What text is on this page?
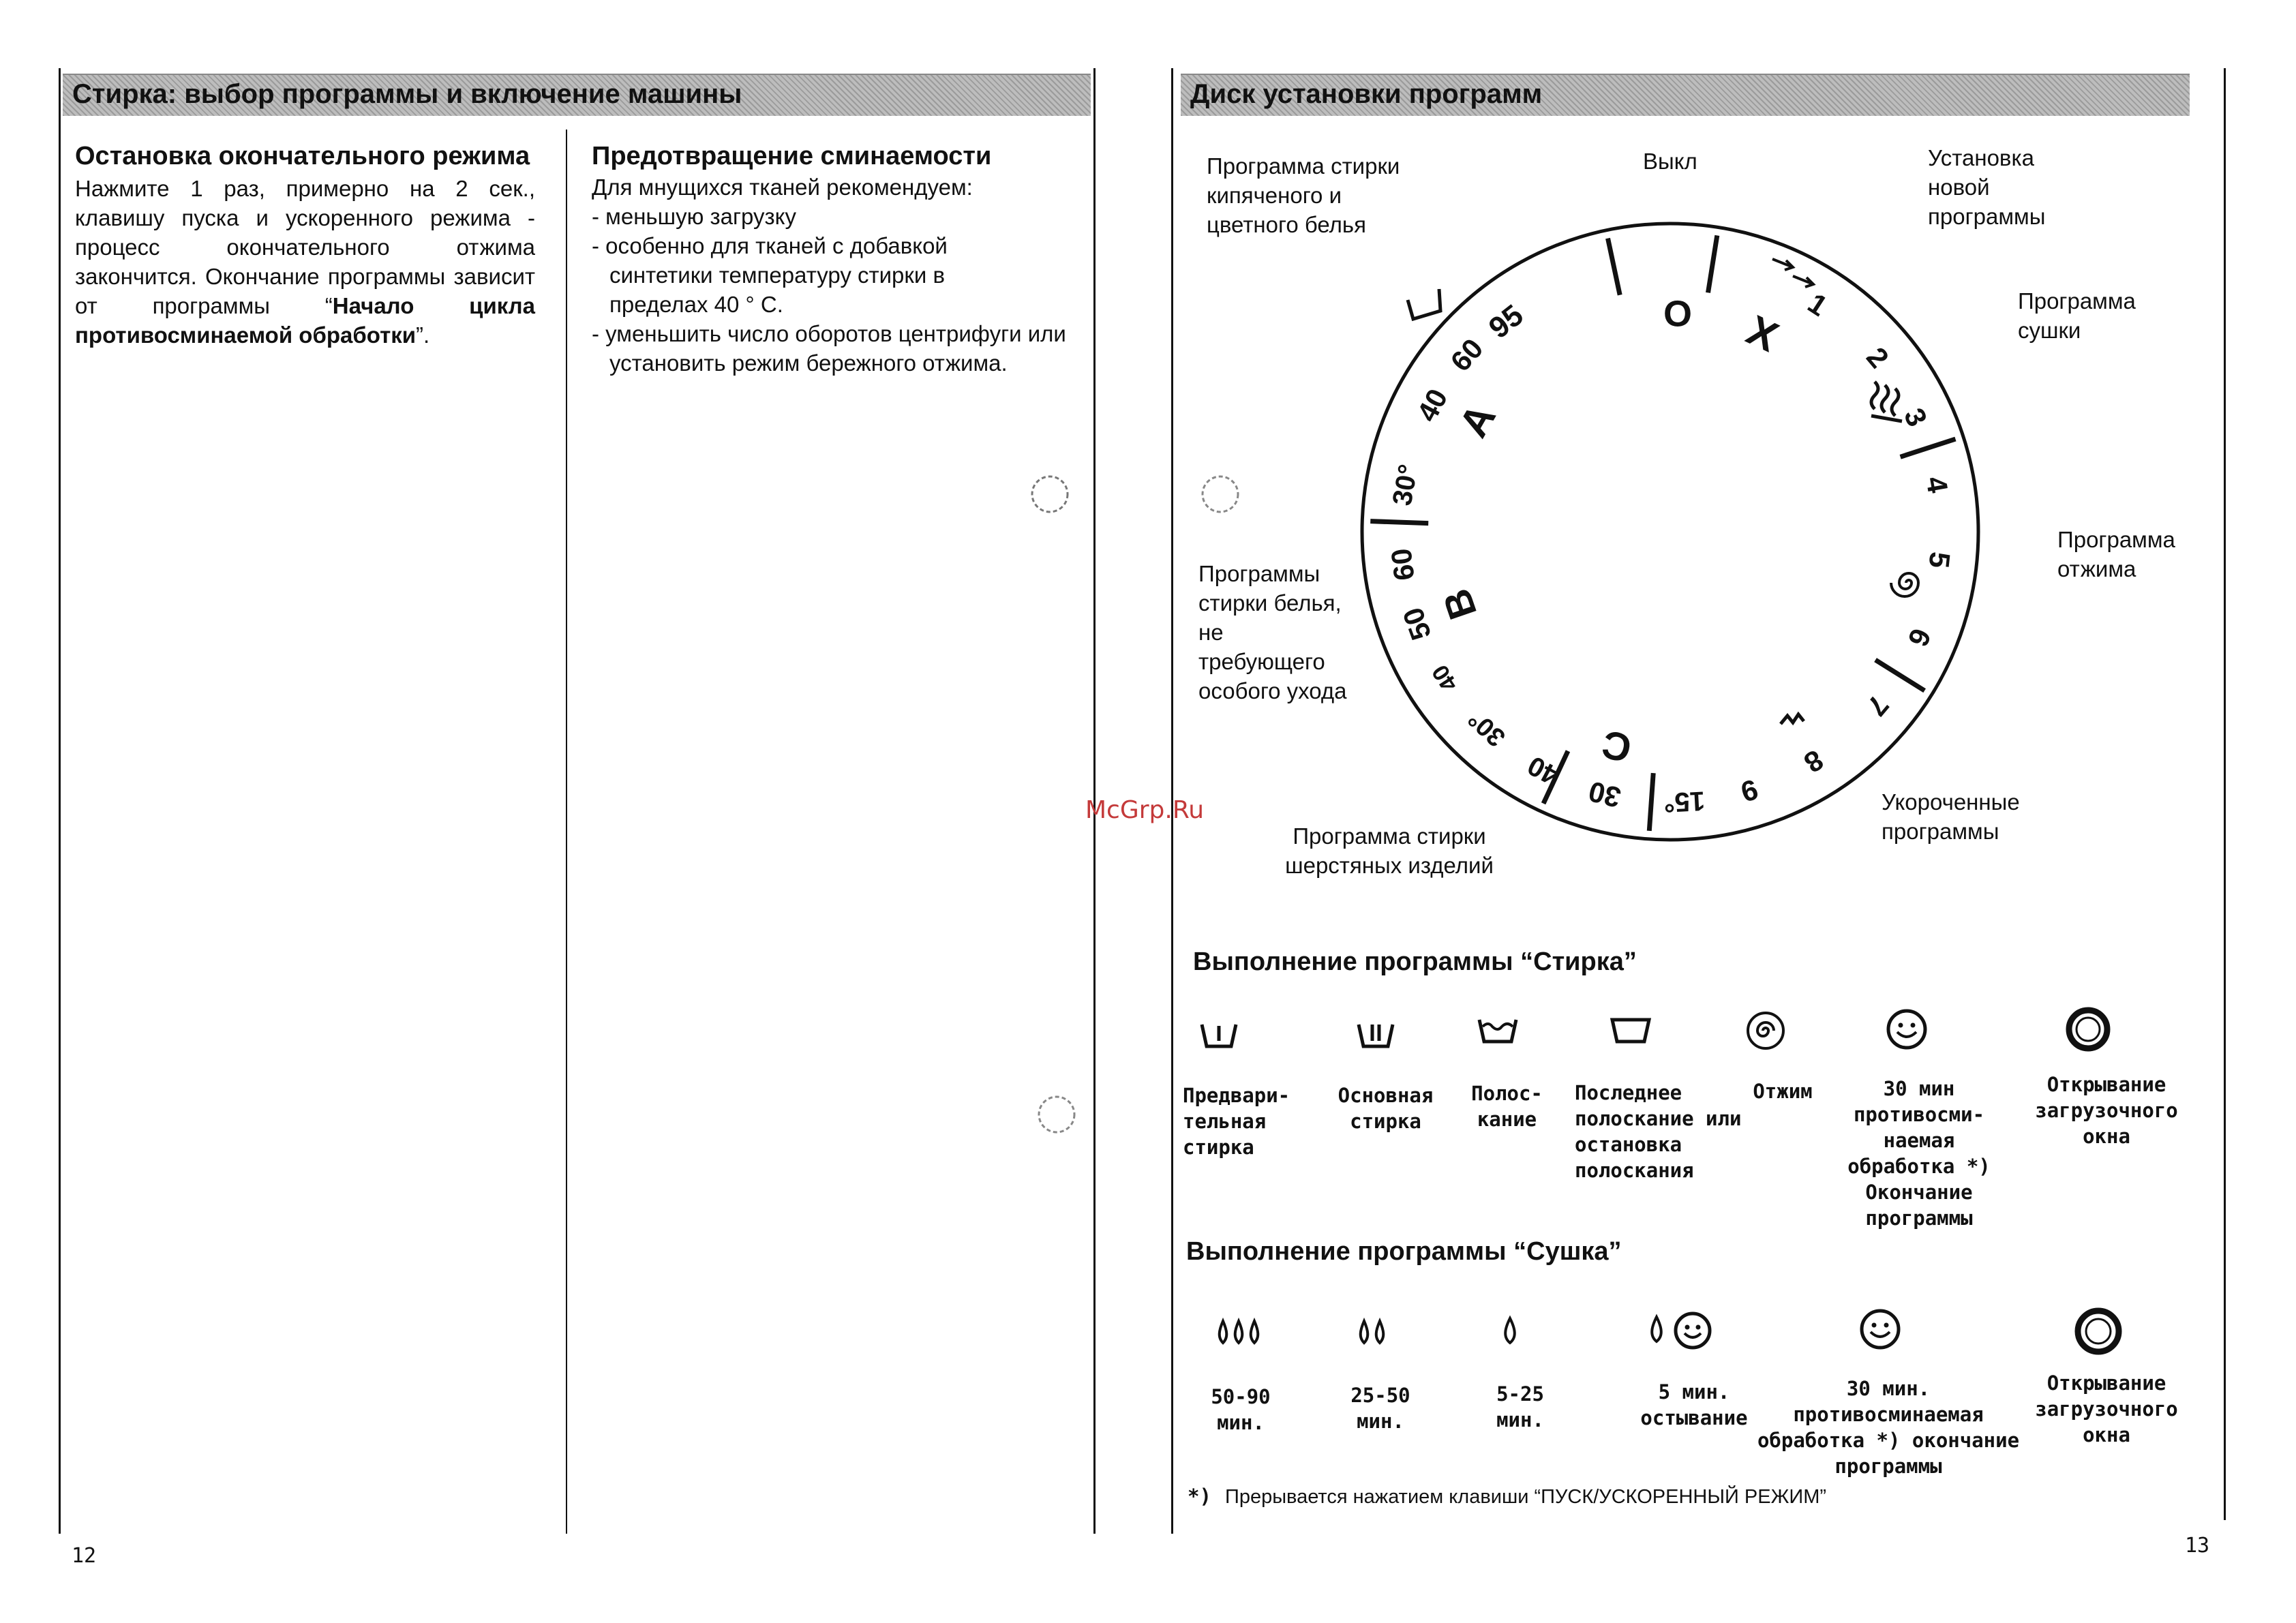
Стирка: выбор программы и включение машины
Остановка окончательного режима
Нажмите 1 раз, примерно на 2 сек., клавишу пуска и ускоренного режима - процесс окончательного отжима закончится. Окончание программы зависит от программы “Начало цикла противосминаемой обработки”.
Предотвращение сминаемости
Для мнущихся тканей рекомендуем:
- меньшую загрузку
- особенно для тканей с добавкой синтетики температуру стирки в пределах 40 ° C.
- уменьшить число оборотов центрифуги или установить режим бережного отжима.
12
Диск установки программ
Программа стирки кипяченого и цветного белья
Выкл	Установка новой программы
Программа сушки
Программа отжима
Программы стирки белья, не требующего особого ухода
Программа стирки шерстяных изделий
Укороченные программы
95
60
40
A
30°
60
50
B
40
30°
40
30
C
15° 9
8
7
6
5
4
3
2
1
X
O
McGrp.Ru
Выполнение программы “Стирка”
Предвари-тельная стирка
Основная стирка
Полос-кание
Последнее полоскание или остановка полоскания
Отжим	30 мин противосми-наемая обработка *) Окончание программы
Открывание загрузочного окна
Выполнение программы “Сушка”
50-90 мин.
25-50 мин.
5-25 мин.
5 мин. остывание
30 мин. противосминаемая обработка *) окончание программы
Открывание загрузочного окна
*) Прерывается нажатием клавиши “ПУСК/УСКОРЕННЫЙ РЕЖИМ”
13
